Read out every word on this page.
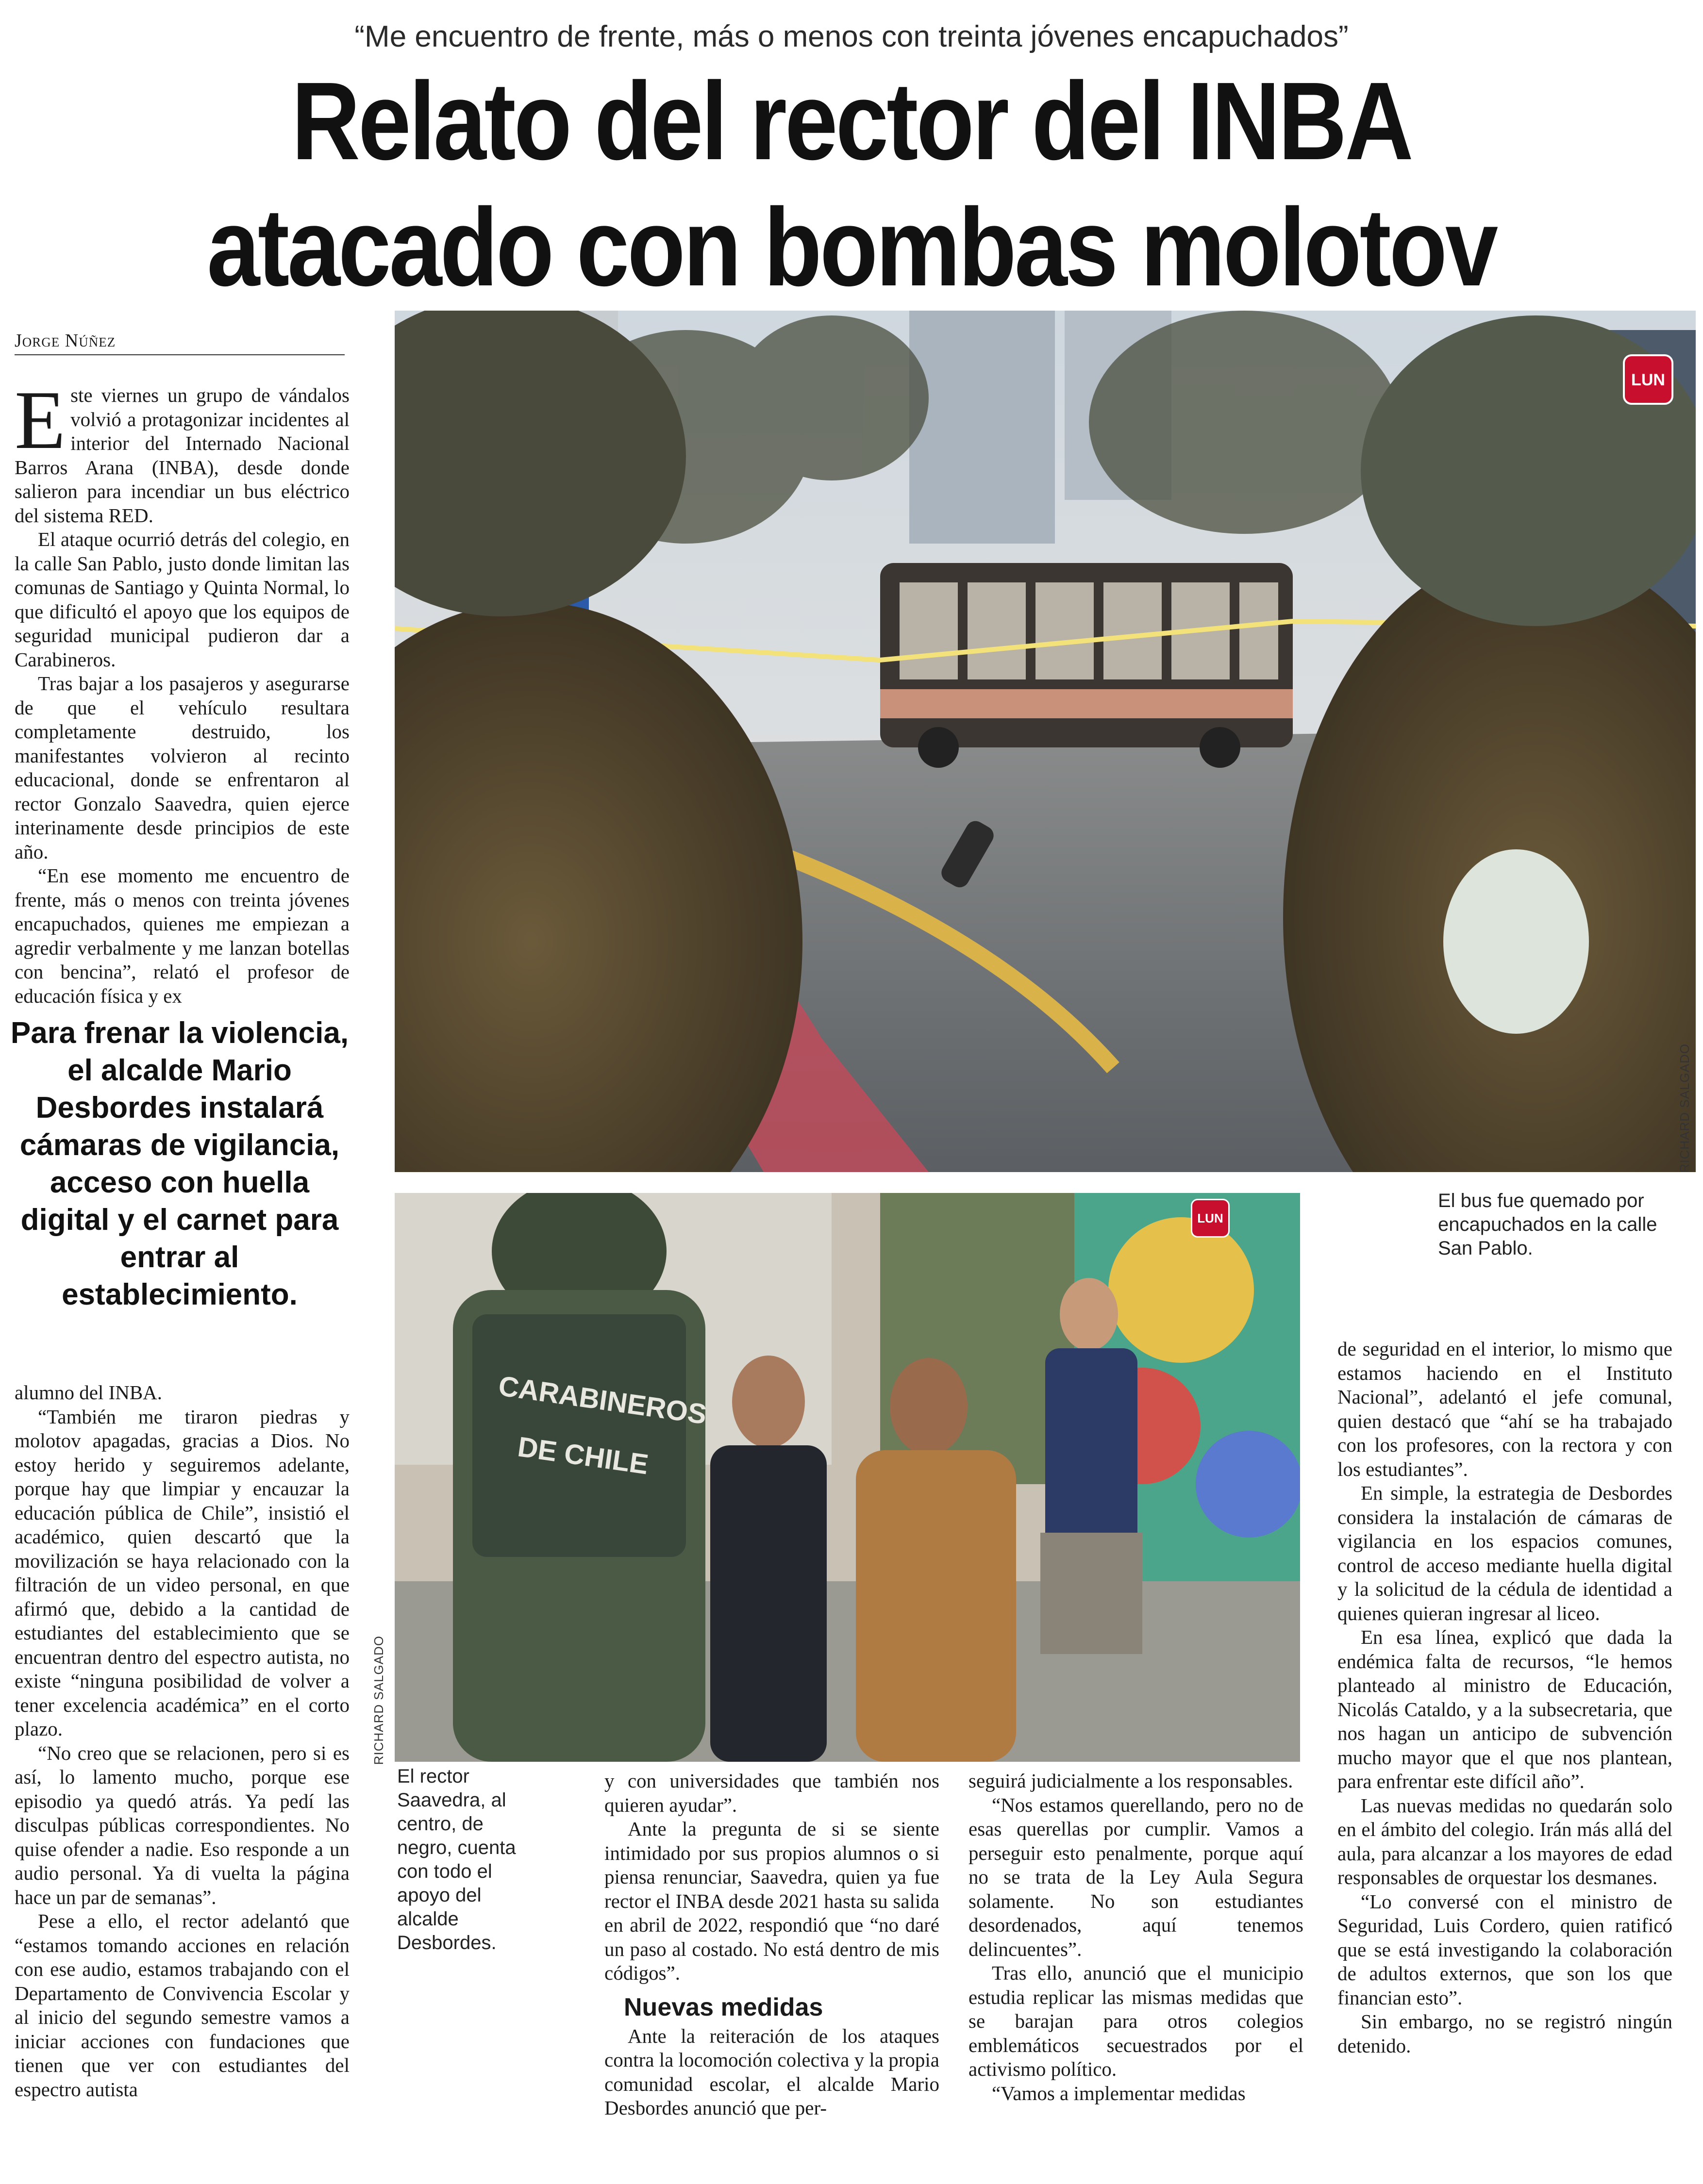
“Me encuentro de frente, más o menos con treinta jóvenes encapuchados”
Relato del rector del INBA
atacado con bombas molotov
Jorge Núñez

Este viernes un grupo de vándalos volvió a protagonizar incidentes al interior del Internado Nacional Barros Arana (INBA), desde donde salieron para incendiar un bus eléctrico del sistema RED.

El ataque ocurrió detrás del colegio, en la calle San Pablo, justo donde limitan las comunas de Santiago y Quinta Normal, lo que dificultó el apoyo que los equipos de seguridad municipal pudieron dar a Carabineros.

Tras bajar a los pasajeros y asegurarse de que el vehículo resultara completamente destruido, los manifestantes volvieron al recinto educacional, donde se enfrentaron al rector Gonzalo Saavedra, quien ejerce interinamente desde principios de este año.

“En ese momento me encuentro de frente, más o menos con treinta jóvenes encapuchados, quienes me empiezan a agredir verbalmente y me lanzan botellas con bencina”, relató el profesor de educación física y ex

Para frenar la violencia, el alcalde Mario Desbordes instalará cámaras de vigilancia, acceso con huella digital y el carnet para entrar al establecimiento.

alumno del INBA.

“También me tiraron piedras y molotov apagadas, gracias a Dios. No estoy herido y seguiremos adelante, porque hay que limpiar y encauzar la educación pública de Chile”, insistió el académico, quien descartó que la movilización se haya relacionado con la filtración de un video personal, en que afirmó que, debido a la cantidad de estudiantes del establecimiento que se encuentran dentro del espectro autista, no existe “ninguna posibilidad de volver a tener excelencia académica” en el corto plazo.

“No creo que se relacionen, pero si es así, lo lamento mucho, porque ese episodio ya quedó atrás. Ya pedí las disculpas públicas correspondientes. No quise ofender a nadie. Eso responde a un audio personal. Ya di vuelta la página hace un par de semanas”.

Pese a ello, el rector adelantó que “estamos tomando acciones en relación con ese audio, estamos trabajando con el Departamento de Convivencia Escolar y al inicio del segundo semestre vamos a iniciar acciones con fundaciones que tienen que ver con estudiantes del espectro autista

LUN
RICHARD SALGADO
El bus fue quemado por encapuchados en la calle San Pablo.
CARABINEROS
DE CHILE
LUN
RICHARD SALGADO
El rector Saavedra, al centro, de negro, cuenta con todo el apoyo del alcalde Desbordes.

y con universidades que también nos quieren ayudar”.

Ante la pregunta de si se siente intimidado por sus propios alumnos o si piensa renunciar, Saavedra, quien ya fue rector el INBA desde 2021 hasta su salida en abril de 2022, respondió que “no daré un paso al costado. No está dentro de mis códigos”.

Nuevas medidas

Ante la reiteración de los ataques contra la locomoción colectiva y la propia comunidad escolar, el alcalde Mario Desbordes anunció que per-

seguirá judicialmente a los responsables.

“Nos estamos querellando, pero no de esas querellas por cumplir. Vamos a perseguir esto penalmente, porque aquí no se trata de la Ley Aula Segura solamente. No son estudiantes desordenados, aquí tenemos delincuentes”.

Tras ello, anunció que el municipio estudia replicar las mismas medidas que se barajan para otros colegios emblemáticos secuestrados por el activismo político.

“Vamos a implementar medidas

de seguridad en el interior, lo mismo que estamos haciendo en el Instituto Nacional”, adelantó el jefe comunal, quien destacó que “ahí se ha trabajado con los profesores, con la rectora y con los estudiantes”.

En simple, la estrategia de Desbordes considera la instalación de cámaras de vigilancia en los espacios comunes, control de acceso mediante huella digital y la solicitud de la cédula de identidad a quienes quieran ingresar al liceo.

En esa línea, explicó que dada la endémica falta de recursos, “le hemos planteado al ministro de Educación, Nicolás Cataldo, y a la subsecretaria, que nos hagan un anticipo de subvención mucho mayor que el que nos plantean, para enfrentar este difícil año”.

Las nuevas medidas no quedarán solo en el ámbito del colegio. Irán más allá del aula, para alcanzar a los mayores de edad responsables de orquestar los desmanes.

“Lo conversé con el ministro de Seguridad, Luis Cordero, quien ratificó que se está investigando la colaboración de adultos externos, que son los que financian esto”.

Sin embargo, no se registró ningún detenido.
